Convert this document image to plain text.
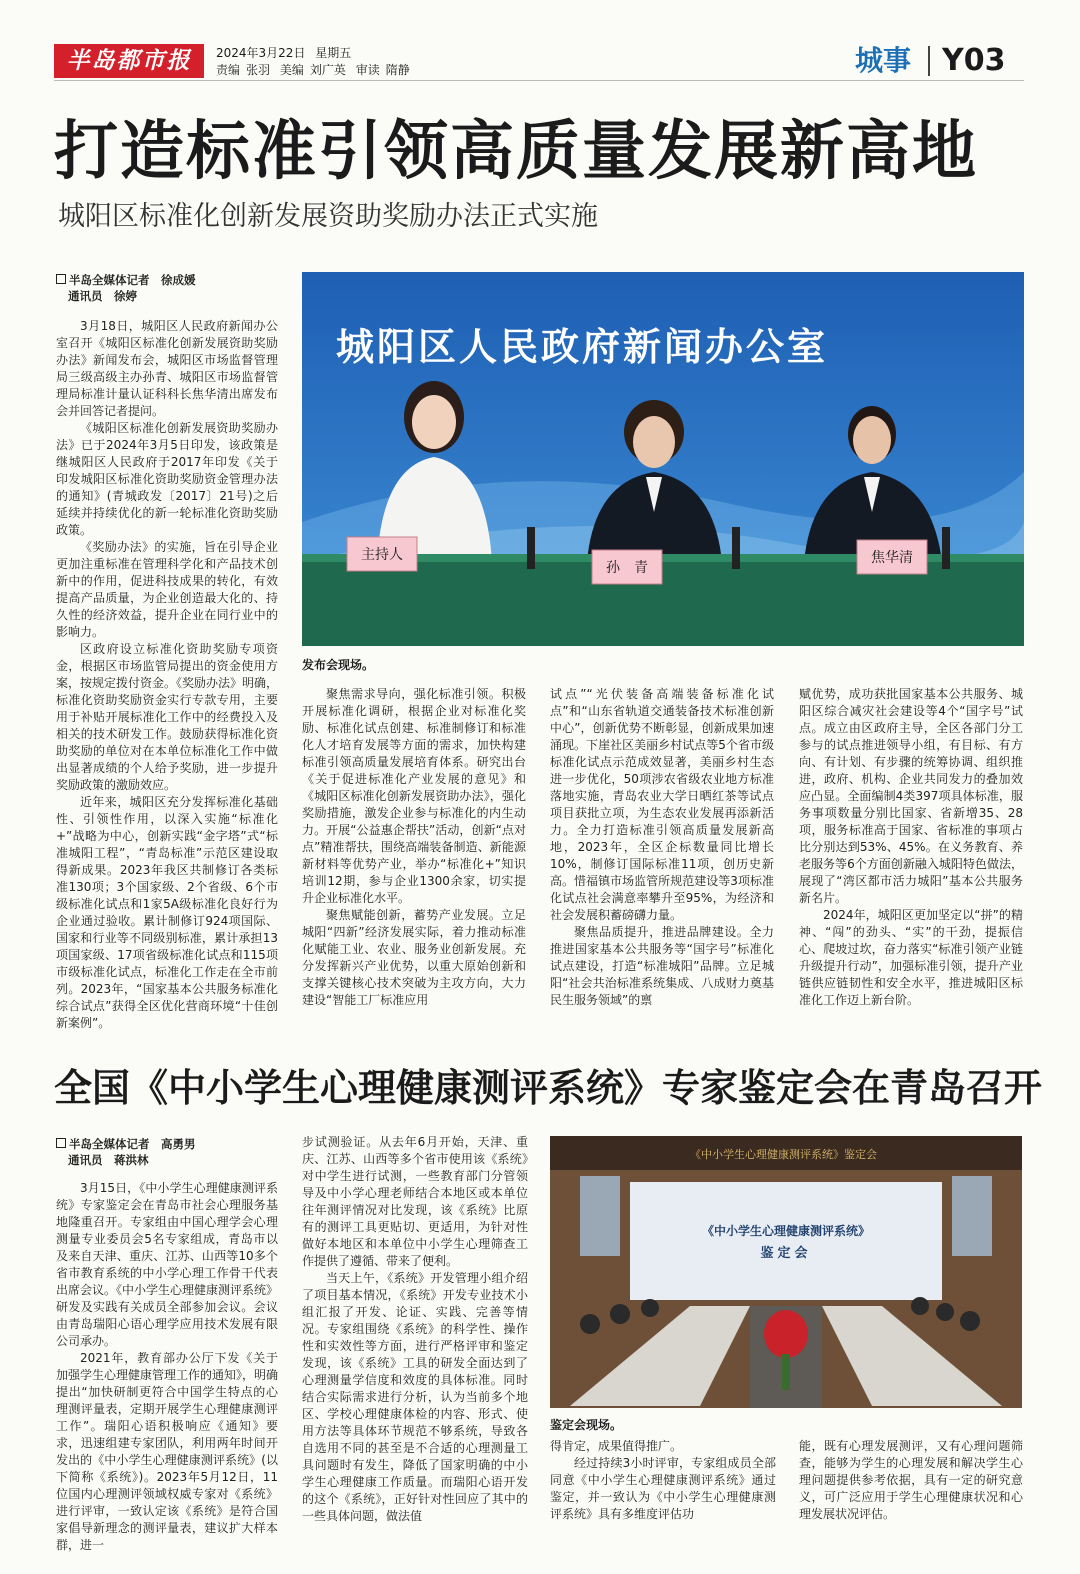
半岛都市报	2024年3月22日 星期五
责编 张羽 美编 刘广英 审读 隋静	城事 Y03
打造标准引领高质量发展新高地
城阳区标准化创新发展资助奖励办法正式实施
半岛全媒体记者　徐成媛
通讯员　徐婷

3月18日，城阳区人民政府新闻办公室召开《城阳区标准化创新发展资助奖励办法》新闻发布会，城阳区市场监督管理局三级高级主办孙青、城阳区市场监督管理局标准计量认证科科长焦华清出席发布会并回答记者提问。

《城阳区标准化创新发展资助奖励办法》已于2024年3月5日印发，该政策是继城阳区人民政府于2017年印发《关于印发城阳区标准化资助奖励资金管理办法的通知》(青城政发〔2017〕21号)之后延续并持续优化的新一轮标准化资助奖励政策。

《奖励办法》的实施，旨在引导企业更加注重标准在管理科学化和产品技术创新中的作用，促进科技成果的转化，有效提高产品质量，为企业创造最大化的、持久性的经济效益，提升企业在同行业中的影响力。

区政府设立标准化资助奖励专项资金，根据区市场监管局提出的资金使用方案，按规定拨付资金。《奖励办法》明确，标准化资助奖励资金实行专款专用，主要用于补贴开展标准化工作中的经费投入及相关的技术研发工作。鼓励获得标准化资助奖励的单位对在本单位标准化工作中做出显著成绩的个人给予奖励，进一步提升奖励政策的激励效应。

近年来，城阳区充分发挥标准化基础性、引领性作用，以深入实施“标准化+”战略为中心，创新实践“金字塔”式“标准城阳工程”，“青岛标准”示范区建设取得新成果。2023年我区共制修订各类标准130项；3个国家级、2个省级、6个市级标准化试点和1家5A级标准化良好行为企业通过验收。累计制修订924项国际、国家和行业等不同级别标准，累计承担13项国家级、17项省级标准化试点和115项市级标准化试点，标准化工作走在全市前列。2023年，“国家基本公共服务标准化综合试点”获得全区优化营商环境“十佳创新案例”。

城阳区人民政府新闻办公室
主持人
孙　青
焦华清
发布会现场。

聚焦需求导向，强化标准引领。积极开展标准化调研，根据企业对标准化奖励、标准化试点创建、标准制修订和标准化人才培育发展等方面的需求，加快构建标准引领高质量发展培育体系。研究出台《关于促进标准化产业发展的意见》和《城阳区标准化创新发展资助办法》，强化奖励措施，激发企业参与标准化的内生动力。开展“公益惠企帮扶”活动，创新“点对点”精准帮扶，围绕高端装备制造、新能源新材料等优势产业，举办“标准化+”知识培训12期，参与企业1300余家，切实提升企业标准化水平。

聚焦赋能创新，蓄势产业发展。立足城阳“四新”经济发展实际，着力推动标准化赋能工业、农业、服务业创新发展。充分发挥新兴产业优势，以重大原始创新和支撑关键核心技术突破为主攻方向，大力建设“智能工厂标准应用

试点”“光伏装备高端装备标准化试点”和“山东省轨道交通装备技术标准创新中心”，创新优势不断彰显，创新成果加速涌现。下崖社区美丽乡村试点等5个省市级标准化试点示范成效显著，美丽乡村生态进一步优化，50项涉农省级农业地方标准落地实施，青岛农业大学日晒红茶等试点项目获批立项，为生态农业发展再添新活力。全力打造标准引领高质量发展新高地，2023年，全区企标数量同比增长10%，制修订国际标准11项，创历史新高。惜福镇市场监管所规范建设等3项标准化试点社会满意率攀升至95%，为经济和社会发展积蓄磅礴力量。

聚焦品质提升，推进品牌建设。全力推进国家基本公共服务等“国字号”标准化试点建设，打造“标准城阳”品牌。立足城阳“社会共治标准系统集成、八成财力奠基民生服务领域”的禀

赋优势，成功获批国家基本公共服务、城阳区综合减灾社会建设等4个“国字号”试点。成立由区政府主导，全区各部门分工参与的试点推进领导小组，有目标、有方向、有计划、有步骤的统筹协调、组织推进，政府、机构、企业共同发力的叠加效应凸显。全面编制4类397项具体标准，服务事项数量分别比国家、省新增35、28项，服务标准高于国家、省标准的事项占比分别达到53%、45%。在义务教育、养老服务等6个方面创新融入城阳特色做法，展现了“湾区都市活力城阳”基本公共服务新名片。

2024年，城阳区更加坚定以“拼”的精神、“闯”的劲头、“实”的干劲，提振信心、爬坡过坎，奋力落实“标准引领产业链升级提升行动”，加强标准引领，提升产业链供应链韧性和安全水平，推进城阳区标准化工作迈上新台阶。

全国《中小学生心理健康测评系统》专家鉴定会在青岛召开
半岛全媒体记者　高勇男
通讯员　蒋洪林

3月15日，《中小学生心理健康测评系统》专家鉴定会在青岛市社会心理服务基地隆重召开。专家组由中国心理学会心理测量专业委员会5名专家组成，青岛市以及来自天津、重庆、江苏、山西等10多个省市教育系统的中小学心理工作骨干代表出席会议。《中小学生心理健康测评系统》研发及实践有关成员全部参加会议。会议由青岛瑞阳心语心理学应用技术发展有限公司承办。

2021年，教育部办公厅下发《关于加强学生心理健康管理工作的通知》，明确提出“加快研制更符合中国学生特点的心理测评量表，定期开展学生心理健康测评工作”。瑞阳心语积极响应《通知》要求，迅速组建专家团队，利用两年时间开发出的《中小学生心理健康测评系统》(以下简称《系统》)。2023年5月12日，11位国内心理测评领域权威专家对《系统》进行评审，一致认定该《系统》是符合国家倡导新理念的测评量表，建议扩大样本群，进一

步试测验证。从去年6月开始，天津、重庆、江苏、山西等多个省市使用该《系统》对中学生进行试测，一些教育部门分管领导及中小学心理老师结合本地区或本单位往年测评情况对比发现，该《系统》比原有的测评工具更贴切、更适用，为针对性做好本地区和本单位中小学生心理筛查工作提供了遵循、带来了便利。

当天上午，《系统》开发管理小组介绍了项目基本情况，《系统》开发专业技术小组汇报了开发、论证、实践、完善等情况。专家组围绕《系统》的科学性、操作性和实效性等方面，进行严格评审和鉴定发现，该《系统》工具的研发全面达到了心理测量学信度和效度的具体标准。同时结合实际需求进行分析，认为当前多个地区、学校心理健康体检的内容、形式、使用方法等具体环节规范不够系统，导致各自选用不同的甚至是不合适的心理测量工具问题时有发生，降低了国家明确的中小学生心理健康工作质量。而瑞阳心语开发的这个《系统》，正好针对性回应了其中的一些具体问题，做法值

《中小学生心理健康测评系统》鉴定会
《中小学生心理健康测评系统》
鉴定会
鉴定会现场。

得肯定，成果值得推广。

经过持续3小时评审，专家组成员全部同意《中小学生心理健康测评系统》通过鉴定，并一致认为《中小学生心理健康测评系统》具有多维度评估功

能，既有心理发展测评，又有心理问题筛查，能够为学生的心理发展和解决学生心理问题提供参考依据，具有一定的研究意义，可广泛应用于学生心理健康状况和心理发展状况评估。
